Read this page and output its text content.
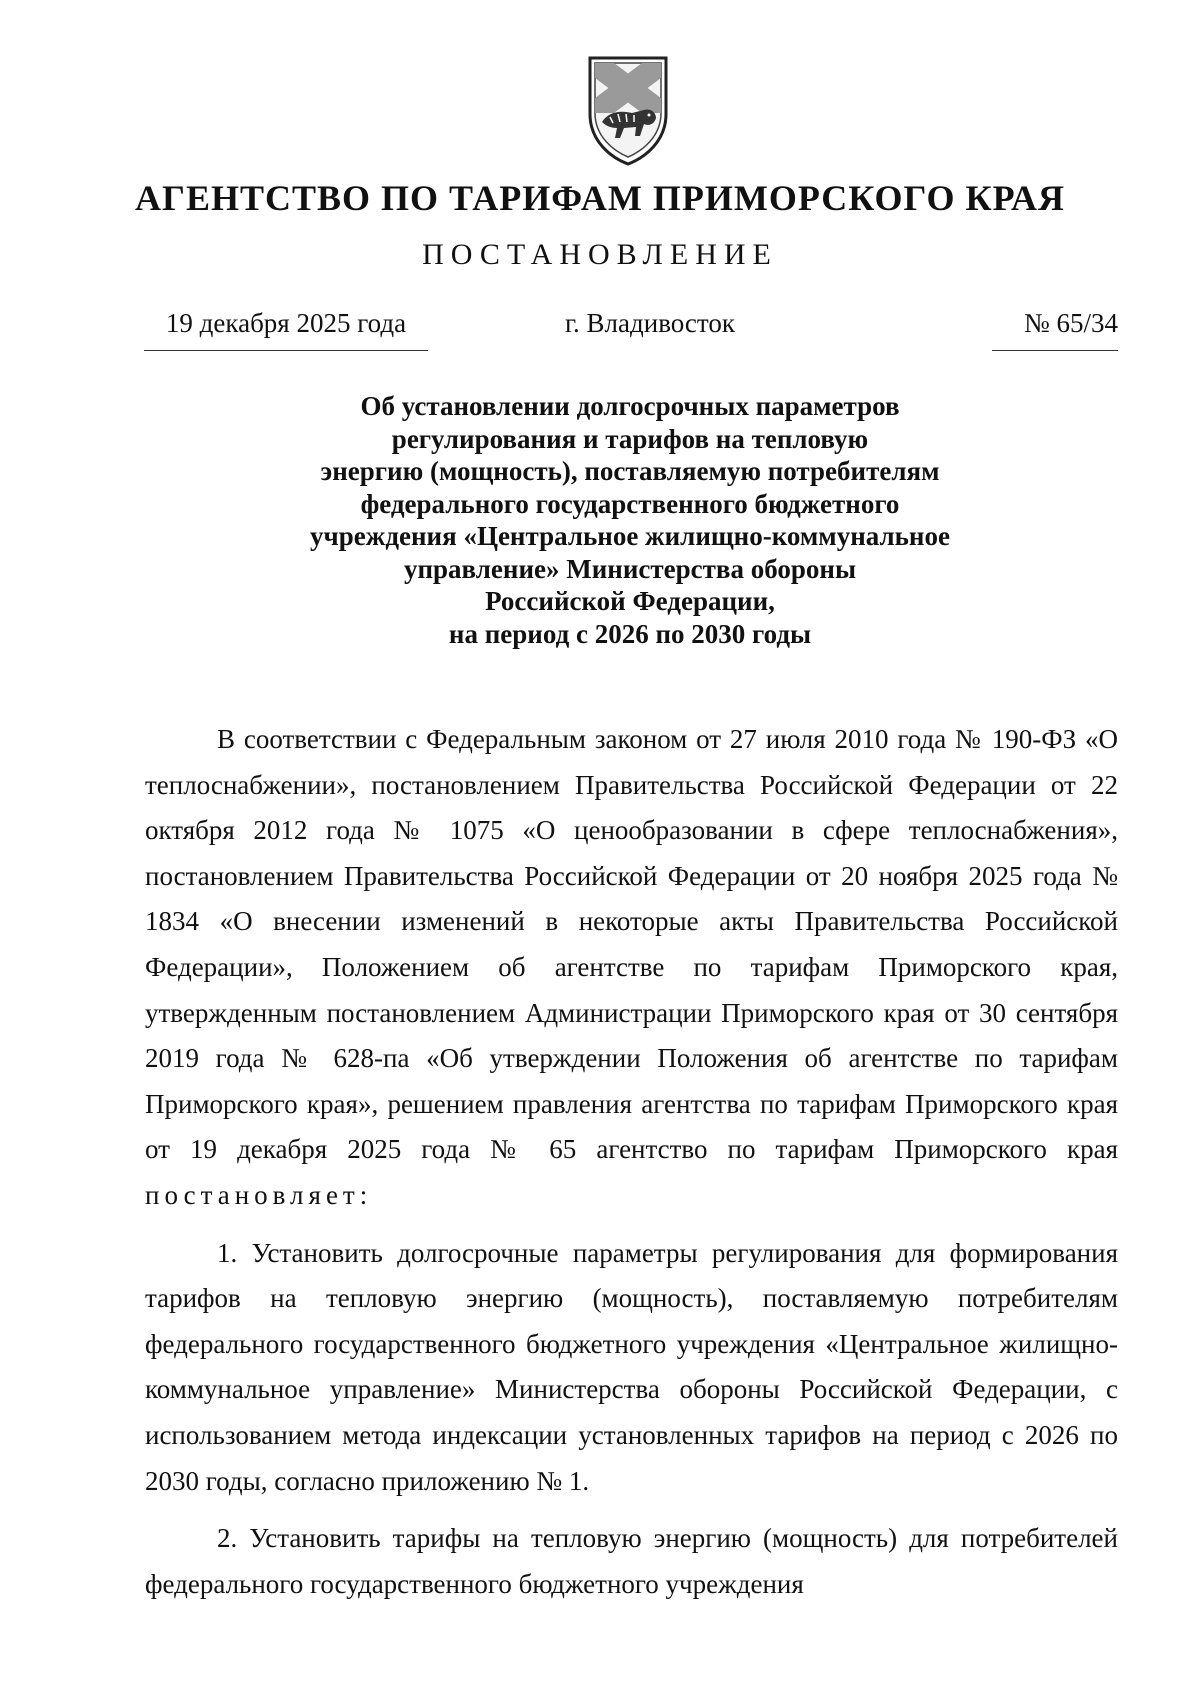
АГЕНТСТВО ПО ТАРИФАМ ПРИМОРСКОГО КРАЯ
ПОСТАНОВЛЕНИЕ
19 декабря 2025 года	г. Владивосток	№ 65/34
Об установлении долгосрочных параметров
регулирования и тарифов на тепловую
энергию (мощность), поставляемую потребителям
федерального государственного бюджетного
учреждения «Центральное жилищно-коммунальное
управление» Министерства обороны
Российской Федерации,
на период с 2026 по 2030 годы

В соответствии с Федеральным законом от 27 июля 2010 года № 190-ФЗ «О теплоснабжении», постановлением Правительства Российской Федерации от 22 октября 2012 года № 1075 «О ценообразовании в сфере теплоснабжения», постановлением Правительства Российской Федерации от 20 ноября 2025 года № 1834 «О внесении изменений в некоторые акты Правительства Российской Федерации», Положением об агентстве по тарифам Приморского края, утвержденным постановлением Администрации Приморского края от 30 сентября 2019 года № 628-па «Об утверждении Положения об агентстве по тарифам Приморского края», решением правления агентства по тарифам Приморского края от 19 декабря 2025 года № 65 агентство по тарифам Приморского края постановляет:

1. Установить долгосрочные параметры регулирования для формирования тарифов на тепловую энергию (мощность), поставляемую потребителям федерального государственного бюджетного учреждения «Центральное жилищно-коммунальное управление» Министерства обороны Российской Федерации, с использованием метода индексации установленных тарифов на период с 2026 по 2030 годы, согласно приложению № 1.

2. Установить тарифы на тепловую энергию (мощность) для потребителей федерального государственного бюджетного учреждения
